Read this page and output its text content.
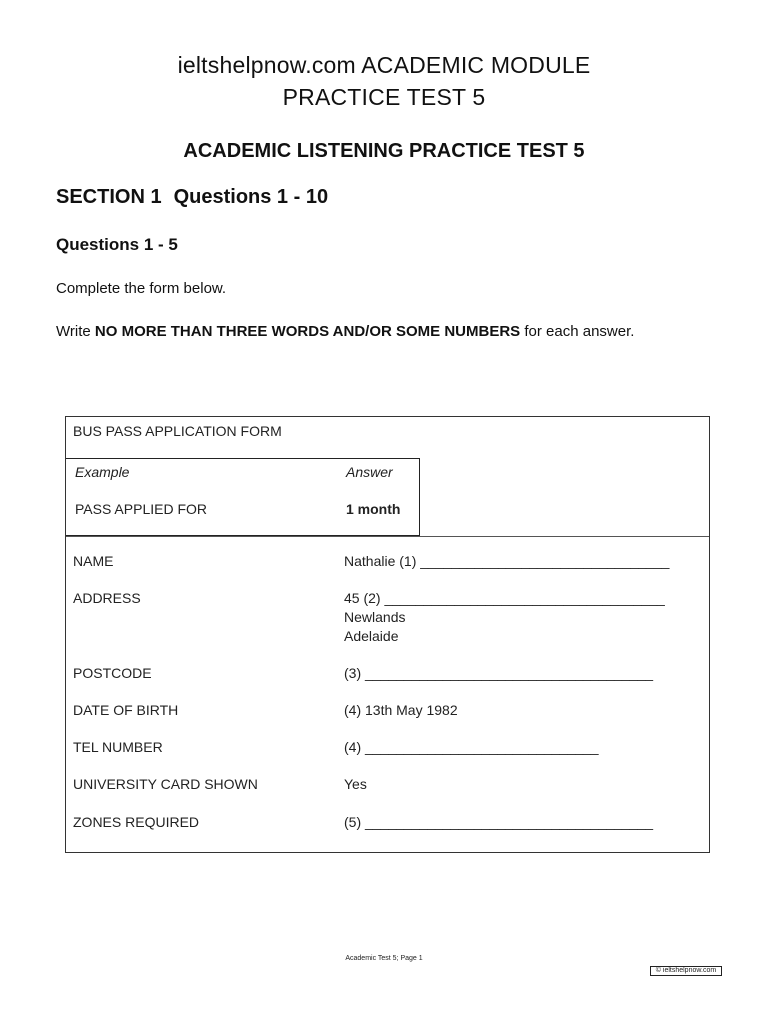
ieltshelpnow.com ACADEMIC MODULE
PRACTICE TEST 5
ACADEMIC LISTENING PRACTICE TEST 5
SECTION 1 Questions 1 - 10
Questions 1 - 5
Complete the form below.
Write NO MORE THAN THREE WORDS AND/OR SOME NUMBERS for each answer.
BUS PASS APPLICATION FORM
Example	Answer
PASS APPLIED FOR	1 month
NAME	Nathalie (1) ________________________________
ADDRESS	45 (2) ____________________________________
Newlands
Adelaide
POSTCODE	(3) _____________________________________
DATE OF BIRTH	(4) 13th May 1982
TEL NUMBER	(4) ______________________________
UNIVERSITY CARD SHOWN	Yes
ZONES REQUIRED	(5) _____________________________________
Academic Test 5; Page 1
© ieltshelpnow.com
